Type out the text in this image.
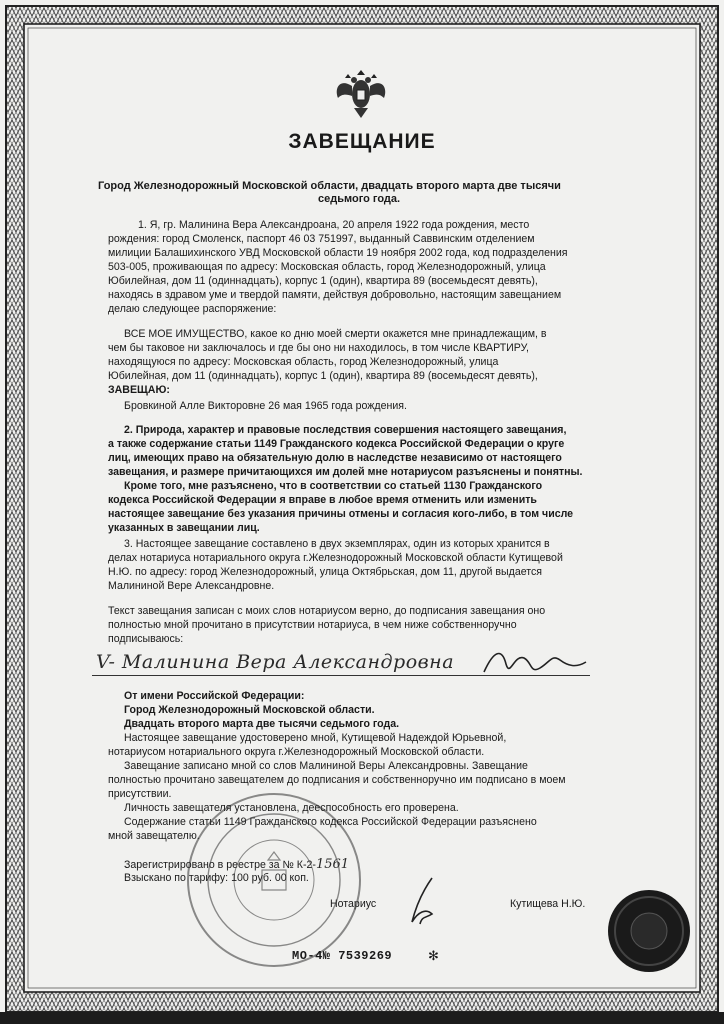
ЗАВЕЩАНИЕ
Город Железнодорожный Московской области, двадцать второго марта две тысячи
седьмого года.
1. Я, гр. Малинина Вера Александроана, 20 апреля 1922 года рождения, место
рождения: город Смоленск, паспорт 46 03 751997, выданный Саввинским отделением
милиции Балашихинского УВД Московской области 19 ноября 2002 года, код подразделения
503-005, проживающая по адресу: Московская область, город Железнодорожный, улица
Юбилейная, дом 11 (одиннадцать), корпус 1 (один), квартира 89 (восемьдесят девять),
находясь в здравом уме и твердой памяти, действуя добровольно, настоящим завещанием
делаю следующее распоряжение:
ВСЕ МОЕ ИМУЩЕСТВО, какое ко дню моей смерти окажется мне принадлежащим, в
чем бы таковое ни заключалось и где бы оно ни находилось, в том числе КВАРТИРУ,
находящуюся по адресу: Московская область, город Железнодорожный, улица
Юбилейная, дом 11 (одиннадцать), корпус 1 (один), квартира 89 (восемьдесят девять),
ЗАВЕЩАЮ:
Бровкиной Алле Викторовне 26 мая 1965 года рождения.
2. Природа, характер и правовые последствия совершения настоящего завещания,
а также содержание статьи 1149 Гражданского кодекса Российской Федерации о круге
лиц, имеющих право на обязательную долю в наследстве независимо от настоящего
завещания, и размере причитающихся им долей мне нотариусом разъяснены и понятны.
Кроме того, мне разъяснено, что в соответствии со статьей 1130 Гражданского
кодекса Российской Федерации я вправе в любое время отменить или изменить
настоящее завещание без указания причины отмены и согласия кого-либо, в том числе
указанных в завещании лиц.
3. Настоящее завещание составлено в двух экземплярах, один из которых хранится в
делах нотариуса нотариального округа г.Железнодорожный Московской области Кутищевой
Н.Ю. по адресу: город Железнодорожный, улица Октябрьская, дом 11, другой выдается
Малининой Вере Александровне.
Текст завещания записан с моих слов нотариусом верно, до подписания завещания оно
полностью мной прочитано в присутствии нотариуса, в чем ниже собственноручно
подписываюсь:
V- Малинина Вера Александровна
От имени Российской Федерации:
Город Железнодорожный Московской области.
Двадцать второго марта две тысячи седьмого года.
Настоящее завещание удостоверено мной, Кутищевой Надеждой Юрьевной,
нотариусом нотариального округа г.Железнодорожный Московской области.
Завещание записано мной со слов Малининой Веры Александровны. Завещание
полностью прочитано завещателем до подписания и собственноручно им подписано в моем
присутствии.
Личность завещателя установлена, дееспособность его проверена.
Содержание статьи 1149 Гражданского кодекса Российской Федерации разъяснено
мной завещателю.
Зарегистрировано в реестре за № К-2-1561
Взыскано по тарифу: 100 руб. 00 коп.
Нотариус	Кутищева Н.Ю.
МО-4№ 7539269	✻
